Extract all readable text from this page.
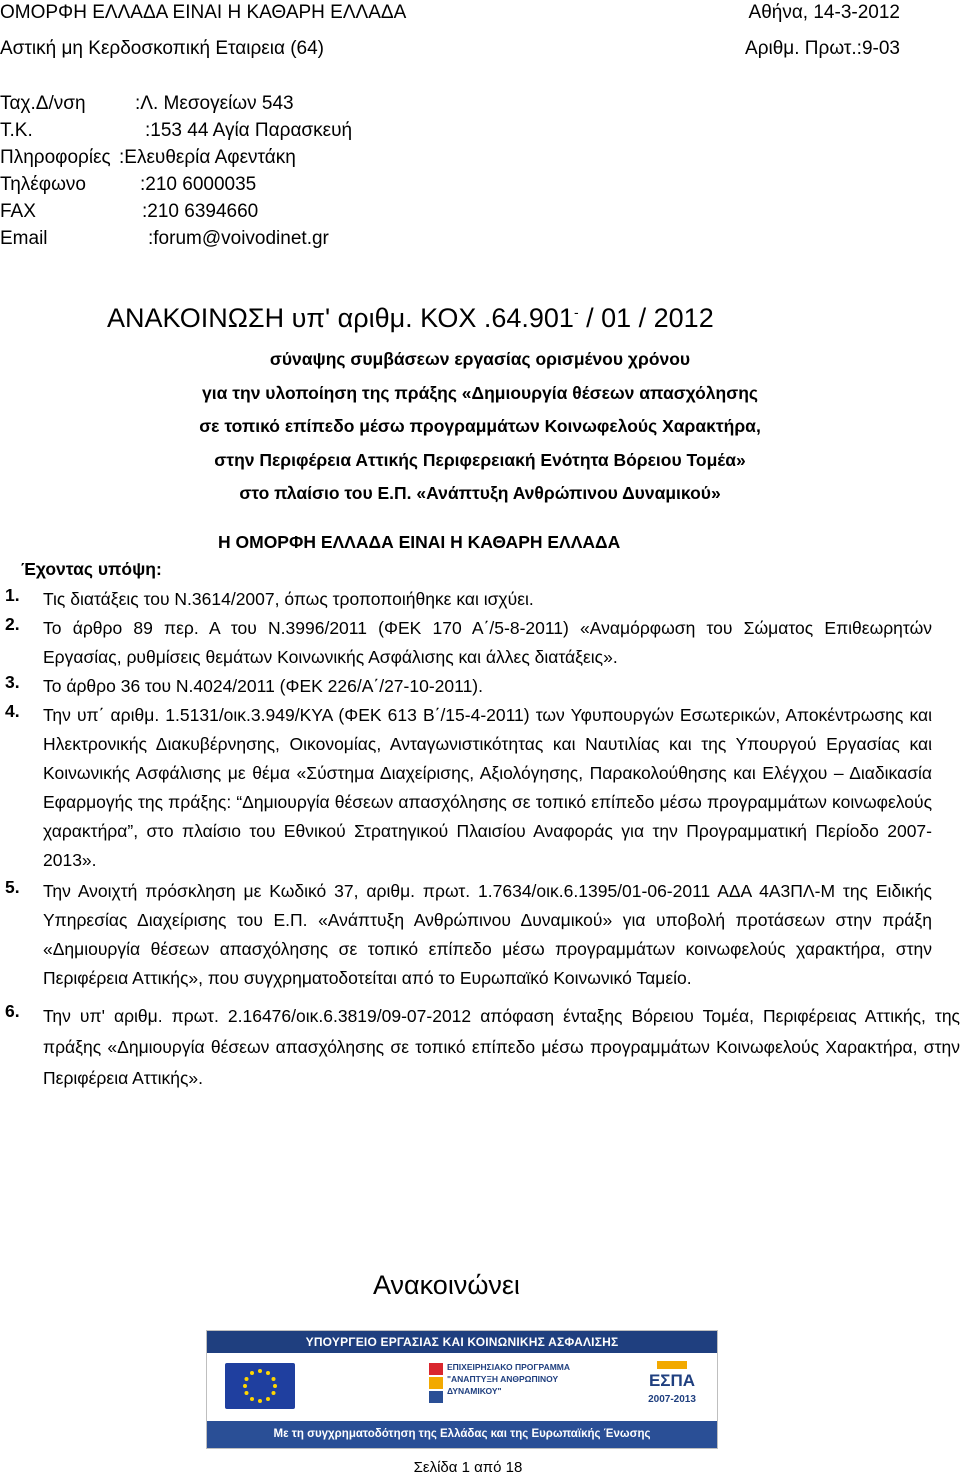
ΟΜΟΡΦΗ ΕΛΛΑΔΑ ΕΙΝΑΙ Η ΚΑΘΑΡΗ ΕΛΛΑΔΑ	Αθήνα, 14-3-2012
Αστική μη Κερδοσκοπική Εταιρεια (64)	Αριθμ. Πρωτ.:9-03
Ταχ.Δ/νση	:Λ. Μεσογείων 543
Τ.Κ.	:153 44 Αγία Παρασκευή
Πληροφορίες :Ελευθερία Αφεντάκη
Τηλέφωνο	:210 6000035
FAX	:210 6394660
Email	:forum@voivodinet.gr
ΑΝΑΚΟΙΝΩΣΗ υπ' αριθμ. ΚΟΧ .64.901- / 01 / 2012
σύναψης συμβάσεων εργασίας ορισμένου χρόνου
για την υλοποίηση της πράξης «Δημιουργία θέσεων απασχόλησης
σε τοπικό επίπεδο μέσω προγραμμάτων Κοινωφελούς Χαρακτήρα,
στην Περιφέρεια Αττικής Περιφερειακή Ενότητα Βόρειου Τομέα»
στο πλαίσιο του Ε.Π. «Ανάπτυξη Ανθρώπινου Δυναμικού»
Η ΟΜΟΡΦΗ ΕΛΛΑΔΑ ΕΙΝΑΙ Η ΚΑΘΑΡΗ ΕΛΛΑΔΑ
Έχοντας υπόψη:
1. Τις διατάξεις του Ν.3614/2007, όπως τροποποιήθηκε και ισχύει.
2. Το άρθρο 89 περ. Α του Ν.3996/2011 (ΦΕΚ 170 Α΄/5-8-2011) «Αναμόρφωση του Σώματος Επιθεωρητών Εργασίας, ρυθμίσεις θεμάτων Κοινωνικής Ασφάλισης και άλλες διατάξεις».
3. Το άρθρο 36 του Ν.4024/2011 (ΦΕΚ 226/Α΄/27-10-2011).
4. Την υπ΄ αριθμ. 1.5131/οικ.3.949/ΚΥΑ (ΦΕΚ 613 Β΄/15-4-2011) των Υφυπουργών Εσωτερικών, Αποκέντρωσης και Ηλεκτρονικής Διακυβέρνησης, Οικονομίας, Ανταγωνιστικότητας και Ναυτιλίας και της Υπουργού Εργασίας και Κοινωνικής Ασφάλισης με θέμα «Σύστημα Διαχείρισης, Αξιολόγησης, Παρακολούθησης και Ελέγχου – Διαδικασία Εφαρμογής της πράξης: “Δημιουργία θέσεων απασχόλησης σε τοπικό επίπεδο μέσω προγραμμάτων κοινωφελούς χαρακτήρα”, στο πλαίσιο του Εθνικού Στρατηγικού Πλαισίου Αναφοράς για την Προγραμματική Περίοδο 2007-2013».
5. Την Ανοιχτή πρόσκληση με Κωδικό 37, αριθμ. πρωτ. 1.7634/οικ.6.1395/01-06-2011 ΑΔΑ 4Α3ΠΛ-Μ της Ειδικής Υπηρεσίας Διαχείρισης του Ε.Π. «Ανάπτυξη Ανθρώπινου Δυναμικού» για υποβολή προτάσεων στην πράξη «Δημιουργία θέσεων απασχόλησης σε τοπικό επίπεδο μέσω προγραμμάτων κοινωφελούς χαρακτήρα, στην Περιφέρεια Αττικής», που συγχρηματοδοτείται από το Ευρωπαϊκό Κοινωνικό Ταμείο.
6. Την υπ' αριθμ. πρωτ. 2.16476/οικ.6.3819/09-07-2012 απόφαση ένταξης Βόρειου Τομέα, Περιφέρειας Αττικής, της πράξης «Δημιουργία θέσεων απασχόλησης σε τοπικό επίπεδο μέσω προγραμμάτων Κοινωφελούς Χαρακτήρα, στην Περιφέρεια Αττικής».
Ανακοινώνει
ΥΠΟΥΡΓΕΙΟ ΕΡΓΑΣΙΑΣ ΚΑΙ ΚΟΙΝΩΝΙΚΗΣ ΑΣΦΑΛΙΣΗΣ
ΕΠΙΧΕΙΡΗΣΙΑΚΟ ΠΡΟΓΡΑΜΜΑ
"ΑΝΑΠΤΥΞΗ ΑΝΘΡΩΠΙΝΟΥ ΔΥΝΑΜΙΚΟΥ"
ΕΣΠΑ
2007-2013
Με τη συγχρηματοδότηση της Ελλάδας και της Ευρωπαϊκής Ένωσης
Σελίδα 1 από 18
